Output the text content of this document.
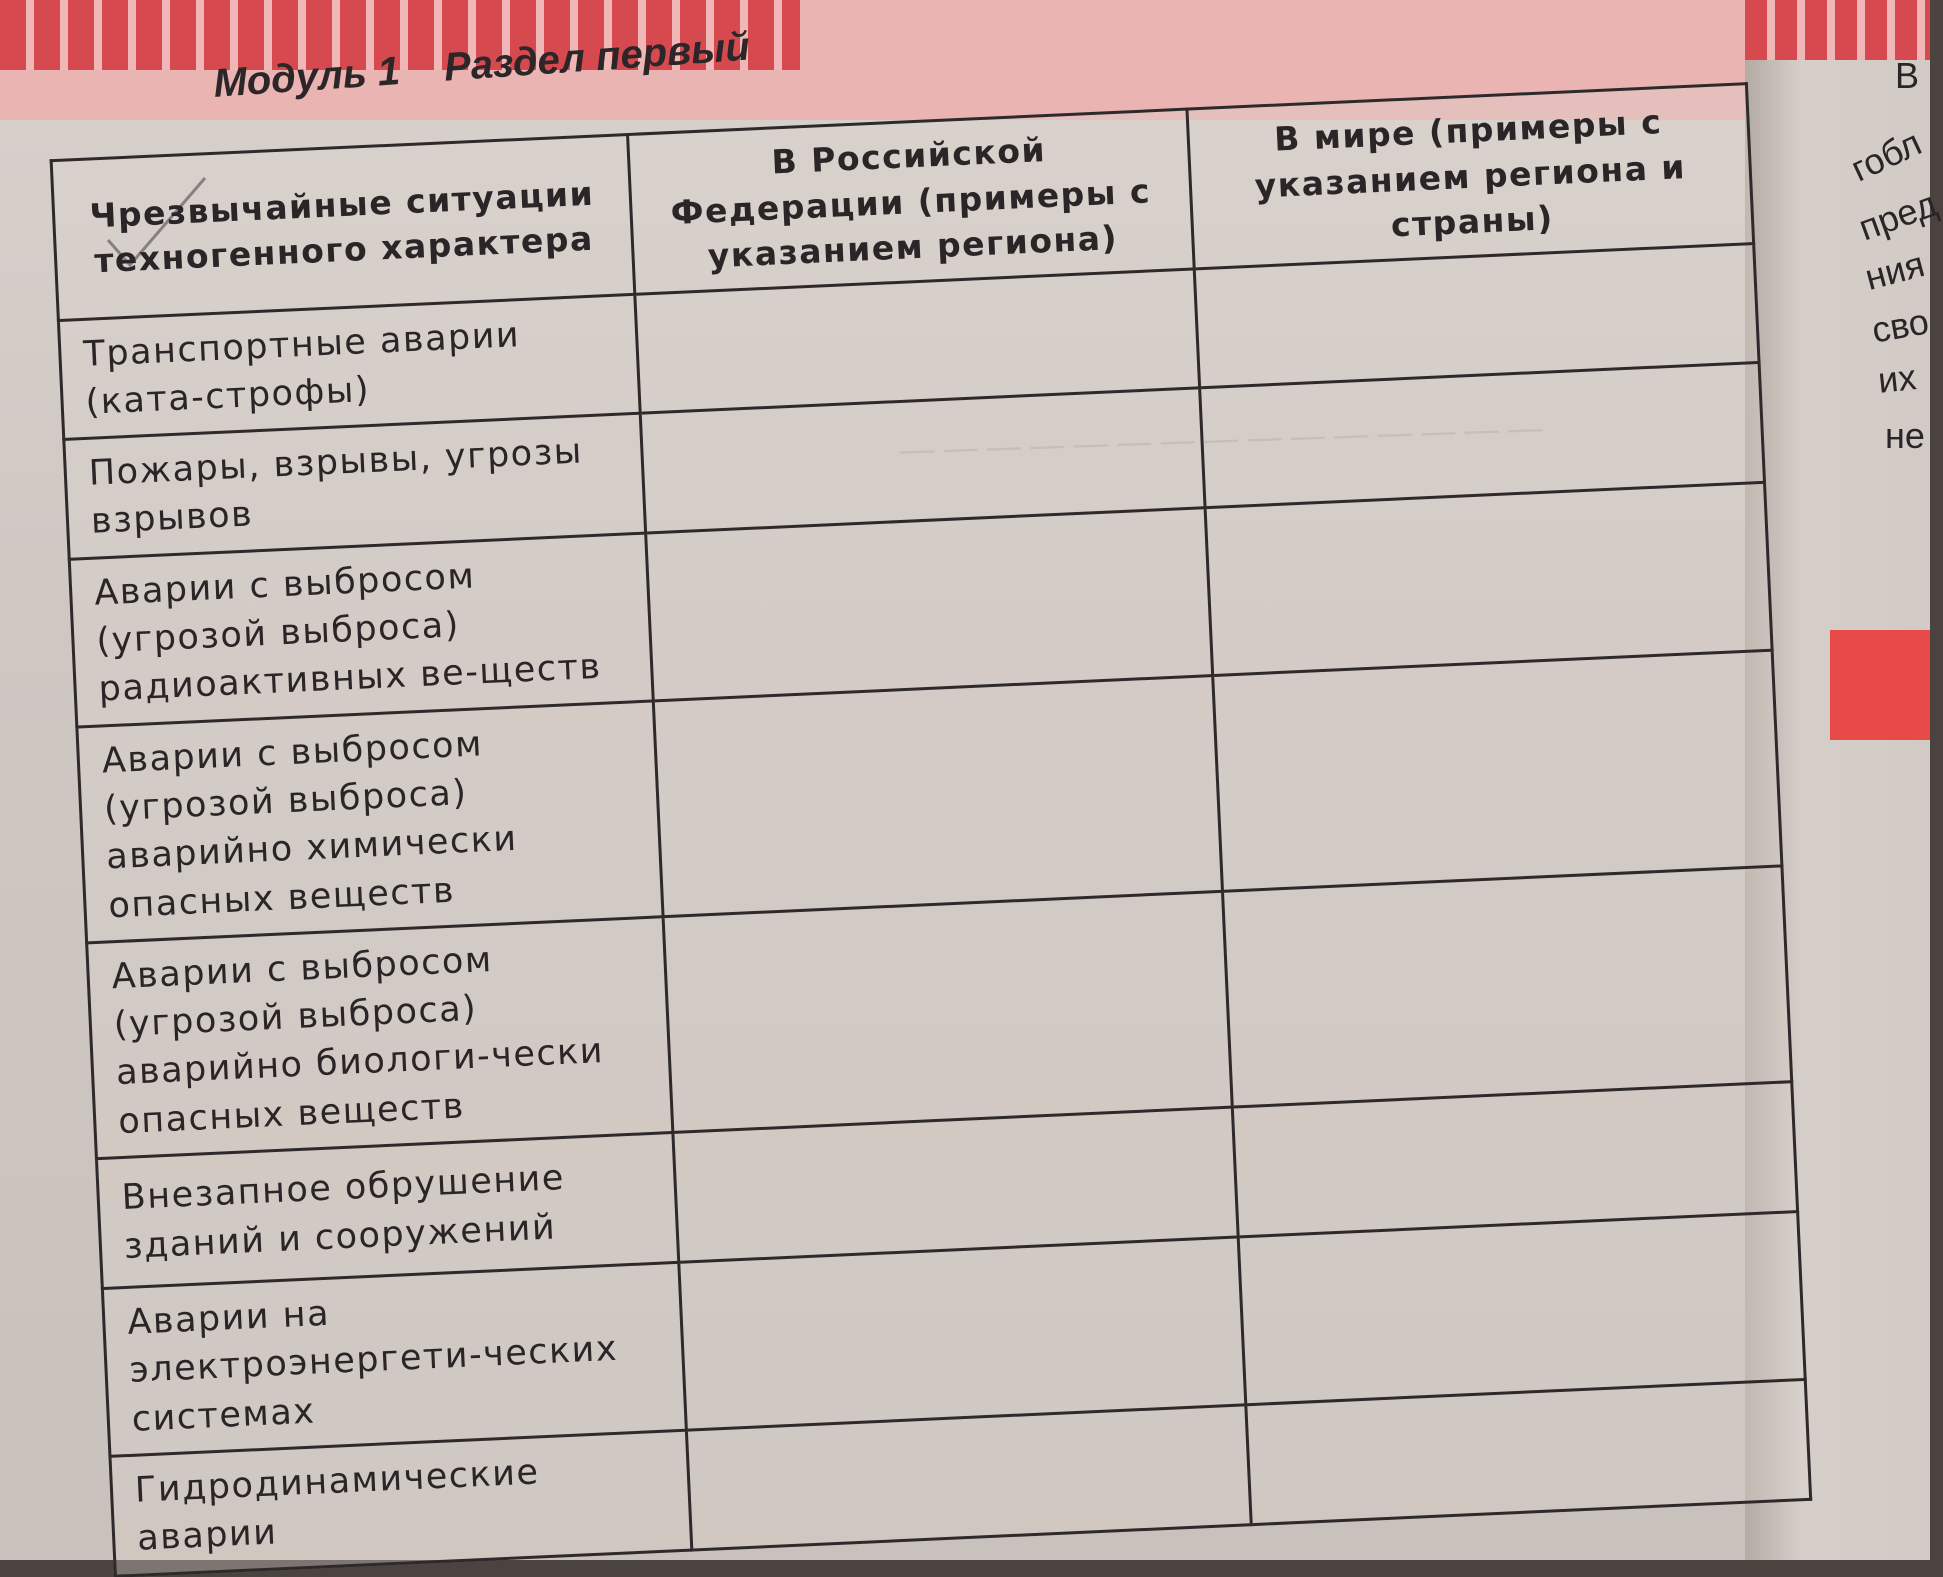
В
гобл
пред
ния
сво
их
не
Модуль 1 Раздел первый
— — — — — — — — — — — — — — —
Чрезвычайные ситуации техногенного характера	В Российской Федерации (примеры с указанием региона)	В мире (примеры с указанием региона и страны)
Транспортные аварии (ката-строфы)		
Пожары, взрывы, угрозы взрывов		
Аварии с выбросом (угрозой выброса) радиоактивных ве-ществ		
Аварии с выбросом (угрозой выброса) аварийно химически опасных веществ		
Аварии с выбросом (угрозой выброса) аварийно биологи-чески опасных веществ		
Внезапное обрушение зданий и сооружений		
Аварии на электроэнергети-ческих системах		
Гидродинамические аварии		
